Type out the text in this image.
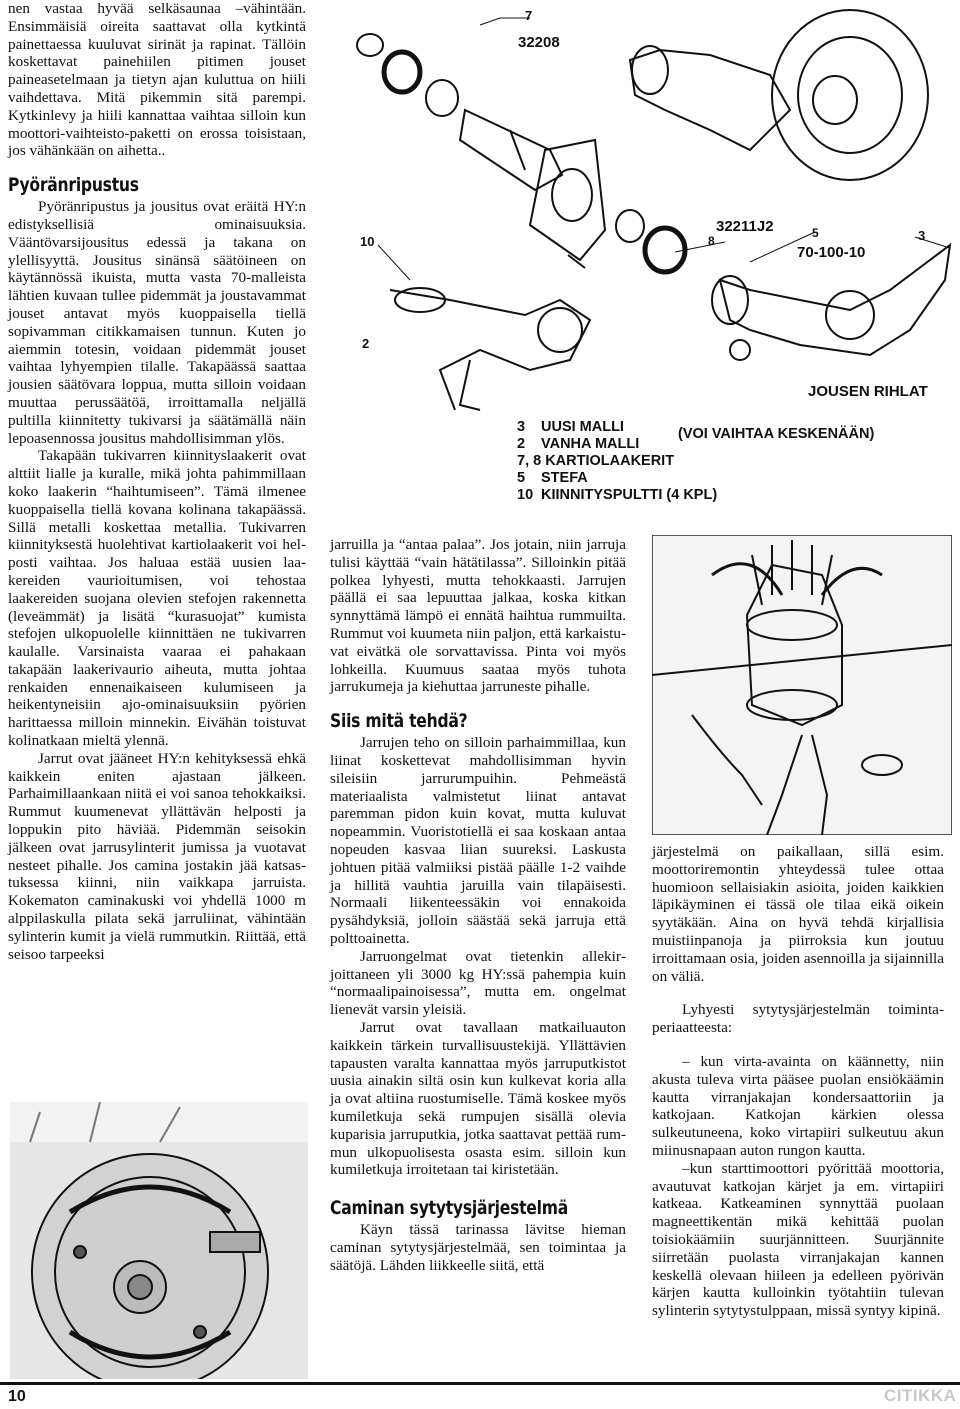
nen vastaa hyvää selkäsaunaa –vähintään. Ensimmäisiä oireita saattavat olla kytkintä painettaessa kuuluvat sirinät ja rapinat. Tällöin koskettavat painehiilen pitimen jouset paineasetelmaan ja tietyn ajan kuluttua on hiili vaihdettava. Mitä pikemmin sitä parempi. Kytkinlevy ja hiili kannattaa vaihtaa silloin kun moottori-vaihteisto-paketti on erossa toisistaan, jos vähänkään on aihetta..

Pyöränripustus

Pyöränripustus ja jousitus ovat eräitä HY:n edistyksellisiä ominaisuuksia. Vääntövarsijousitus edessä ja takana on ylellisyyttä. Jousitus sinänsä säätöineen on käytännössä ikuista, mutta vasta 70-malleista lähtien kuvaan tullee pidemmät ja joustavammat jouset antavat myös kuoppaisella tiellä sopivamman citikkamaisen tunnun. Kuten jo aiemmin totesin, voidaan pidemmät jouset vaihtaa lyhyempien tilalle. Takapäässä saattaa jousien säätövara loppua, mutta silloin voidaan muuttaa perussäätöä, irroittamalla neljällä pultilla kiinnitetty tukivarsi ja säätämällä näin lepoasennossa jousitus mahdollisimman ylös.

Takapään tukivarren kiinnityslaakerit ovat alttiit lialle ja kuralle, mikä johta pahimmillaan koko laakerin “haihtumiseen”. Tämä ilmenee kuoppaisella tiellä kovana kolinana takapäässä. Sillä metalli koskettaa metallia. Tukivarren kiinnityksestä huolehtivat kartiolaakerit voi helposti vaihtaa. Jos haluaa estää uusien laakereiden vaurioitumisen, voi tehostaa laakereiden suojana olevien stefojen rakennetta (leveämmät) ja lisätä “kurasuojat” kumista stefojen ulkopuolelle kiinnittäen ne tukivarren kaulalle. Varsinaista vaaraa ei pahakaan takapään laakerivaurio aiheuta, mutta johtaa renkaiden ennenaikaiseen kulumiseen ja heikentyneisiin ajo-ominaisuuksiin pyörien harittaessa milloin minnekin. Eivähän toistuvat kolinatkaan mieltä ylennä.

Jarrut ovat jääneet HY:n kehityksessä ehkä kaikkein eniten ajastaan jälkeen. Parhaimillaankaan niitä ei voi sanoa tehokkaiksi. Rummut kuumenevat yllättävän helposti ja loppukin pito häviää. Pidemmän seisokin jälkeen ovat jarrusylinterit jumissa ja vuotavat nesteet pihalle. Jos camina jostakin jää katsastuksessa kiinni, niin vaikkapa jarruista. Kokematon caminakuski voi yhdellä 1000 m alppilaskulla pilata sekä jarruliinat, vähintään sylinterin kumit ja vielä rummutkin. Riittää, että seisoo tarpeeksi

jarruilla ja “antaa palaa”. Jos jotain, niin jarruja tulisi käyttää “vain hätätilassa”. Silloinkin pitää polkea lyhyesti, mutta tehokkaasti. Jarrujen päällä ei saa lepuuttaa jalkaa, koska kitkan synnyttämä lämpö ei ennätä haihtua rummuilta. Rummut voi kuumeta niin paljon, että karkaistuvat eivätkä ole sorvattavissa. Pinta voi myös lohkeilla. Kuumuus saataa myös tuhota jarrukumeja ja kiehuttaa jarruneste pihalle.

Siis mitä tehdä?

Jarrujen teho on silloin parhaimmillaa, kun liinat koskettevat mahdollisimman hyvin sileisiin jarrurumpuihin. Pehmeästä materiaalista valmistetut liinat antavat paremman pidon kuin kovat, mutta kuluvat nopeammin. Vuoristotiellä ei saa koskaan antaa nopeuden kasvaa liian suureksi. Laskusta johtuen pitää valmiiksi pistää päälle 1-2 vaihde ja hillitä vauhtia jaruilla vain tilapäisesti. Normaali liikenteessäkin voi ennakoida pysähdyksiä, jolloin säästää sekä jarruja että polttoainetta.

Jarruongelmat ovat tietenkin allekirjoittaneen yli 3000 kg HY:ssä pahempia kuin “normaalipainoisessa”, mutta em. ongelmat lienevät varsin yleisiä.

Jarrut ovat tavallaan matkailuauton kaikkein tärkein turvallisuustekijä. Yllättävien tapausten varalta kannattaa myös jarruputkistot uusia ainakin siltä osin kun kulkevat koria alla ja ovat altiina ruostumiselle. Tämä koskee myös kumiletkuja sekä rumpujen sisällä olevia kuparisia jarruputkia, jotka saattavat pettää rummun ulkopuolisesta osasta esim. silloin kun kumiletkuja irroitetaan tai kiristetään.

Caminan sytytysjärjestelmä

Käyn tässä tarinassa lävitse hieman caminan sytytysjärjestelmää, sen toimintaa ja säätöjä. Lähden liikkeelle siitä, että

järjestelmä on paikallaan, sillä esim. moottoriremontin yhteydessä tulee ottaa huomioon sellaisiakin asioita, joiden kaikkien läpikäyminen ei tässä ole tilaa eikä oikein syytäkään. Aina on hyvä tehdä kirjallisia muistiinpanoja ja piirroksia kun joutuu irroittamaan osia, joiden asennoilla ja sijainnilla on väliä.

Lyhyesti sytytysjärjestelmän toimintaperiaatteesta:

– kun virta-avainta on käännetty, niin akusta tuleva virta pääsee puolan ensiökäämin kautta virranjakajan kondersaattoriin ja katkojaan. Katkojan kärkien olessa sulkeutuneena, koko virtapiiri sulkeutuu akun miinusnapaan auton rungon kautta.

–kun starttimoottori pyörittää moottoria, avautuvat katkojan kärjet ja em. virtapiiri katkeaa. Katkeaminen synnyttää puolaan magneettikentän mikä kehittää puolan toisiokäämiin suurjännitteen. Suurjännite siirretään puolasta virranjakajan kannen keskellä olevaan hiileen ja edelleen pyörivän kärjen kautta kulloinkin työtahtiin tulevan sylinterin sytytystulppaan, missä syntyy kipinä.

7
32208
10
2
32211J2
8
5	3
70-100-10
JOUSEN RIHLAT
3 UUSI MALLI
2 VANHA MALLI
7, 8 KARTIOLAAKERIT
5 STEFA
10 KIINNITYSPULTTI (4 KPL)
(VOI VAIHTAA KESKENÄÄN)
10	CITIKKA
